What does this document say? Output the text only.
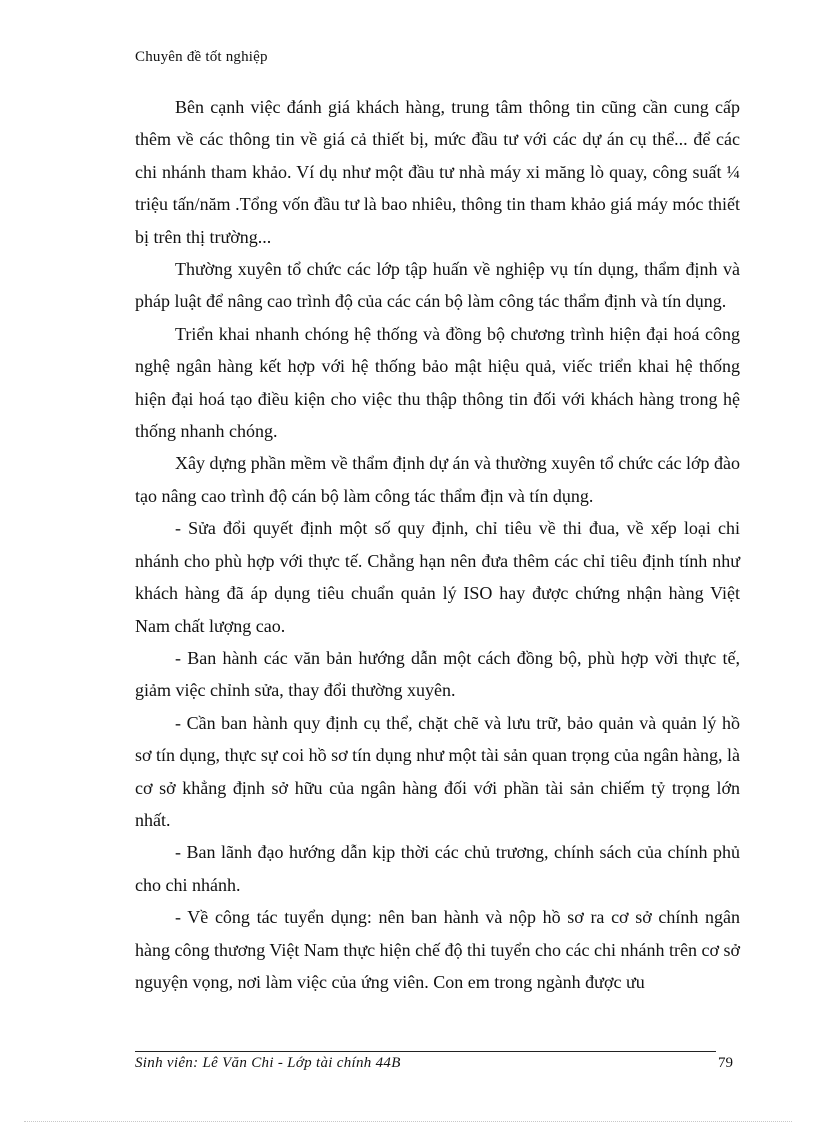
Chuyên đề tốt nghiệp

Bên cạnh việc đánh giá khách hàng, trung tâm thông tin cũng cần cung cấp thêm về các thông tin về giá cả thiết bị, mức đầu tư với các dự án cụ thể... để các chi nhánh tham khảo. Ví dụ như một đầu tư nhà máy xi măng lò quay, công suất ¼ triệu tấn/năm .Tổng vốn đầu tư là bao nhiêu, thông tin tham khảo giá máy móc thiết bị trên thị trường...

Thường xuyên tổ chức các lớp tập huấn về nghiệp vụ tín dụng, thẩm định và pháp luật để nâng cao trình độ của các cán bộ làm công tác thẩm định và tín dụng.

Triển khai nhanh chóng hệ thống và đồng bộ chương trình hiện đại hoá công nghệ ngân hàng kết hợp với hệ thống bảo mật hiệu quả, viếc triển khai hệ thống hiện đại hoá tạo điều kiện cho việc thu thập thông tin đối với khách hàng trong hệ thống nhanh chóng.

Xây dựng phần mềm về thẩm định dự án và thường xuyên tổ chức các lớp đào tạo nâng cao trình độ cán bộ làm công tác thẩm địn và tín dụng.

- Sửa đổi quyết định một số quy định, chỉ tiêu về thi đua, về xếp loại chi nhánh cho phù hợp với thực tế. Chẳng hạn nên đưa thêm các chỉ tiêu định tính như khách hàng đã áp dụng tiêu chuẩn quản lý ISO hay được chứng nhận hàng Việt Nam chất lượng cao.

- Ban hành các văn bản hướng dẫn một cách đồng bộ, phù hợp vời thực tế, giảm việc chỉnh sửa, thay đổi thường xuyên.

- Cần ban hành quy định cụ thể, chặt chẽ và lưu trữ, bảo quản và quản lý hồ sơ tín dụng, thực sự coi hồ sơ tín dụng như một tài sản quan trọng của ngân hàng, là cơ sở khẳng định sở hữu của ngân hàng đối với phần tài sản chiếm tỷ trọng lớn nhất.

- Ban lãnh đạo hướng dẫn kịp thời các chủ trương, chính sách của chính phủ cho chi nhánh.

- Về công tác tuyển dụng: nên ban hành và nộp hồ sơ ra cơ sở chính ngân hàng công thương Việt Nam thực hiện chế độ thi tuyển cho các chi nhánh trên cơ sở nguyện vọng, nơi làm việc của ứng viên. Con em trong ngành được ưu

Sinh viên: Lê Văn Chi - Lớp tài chính 44B	79
